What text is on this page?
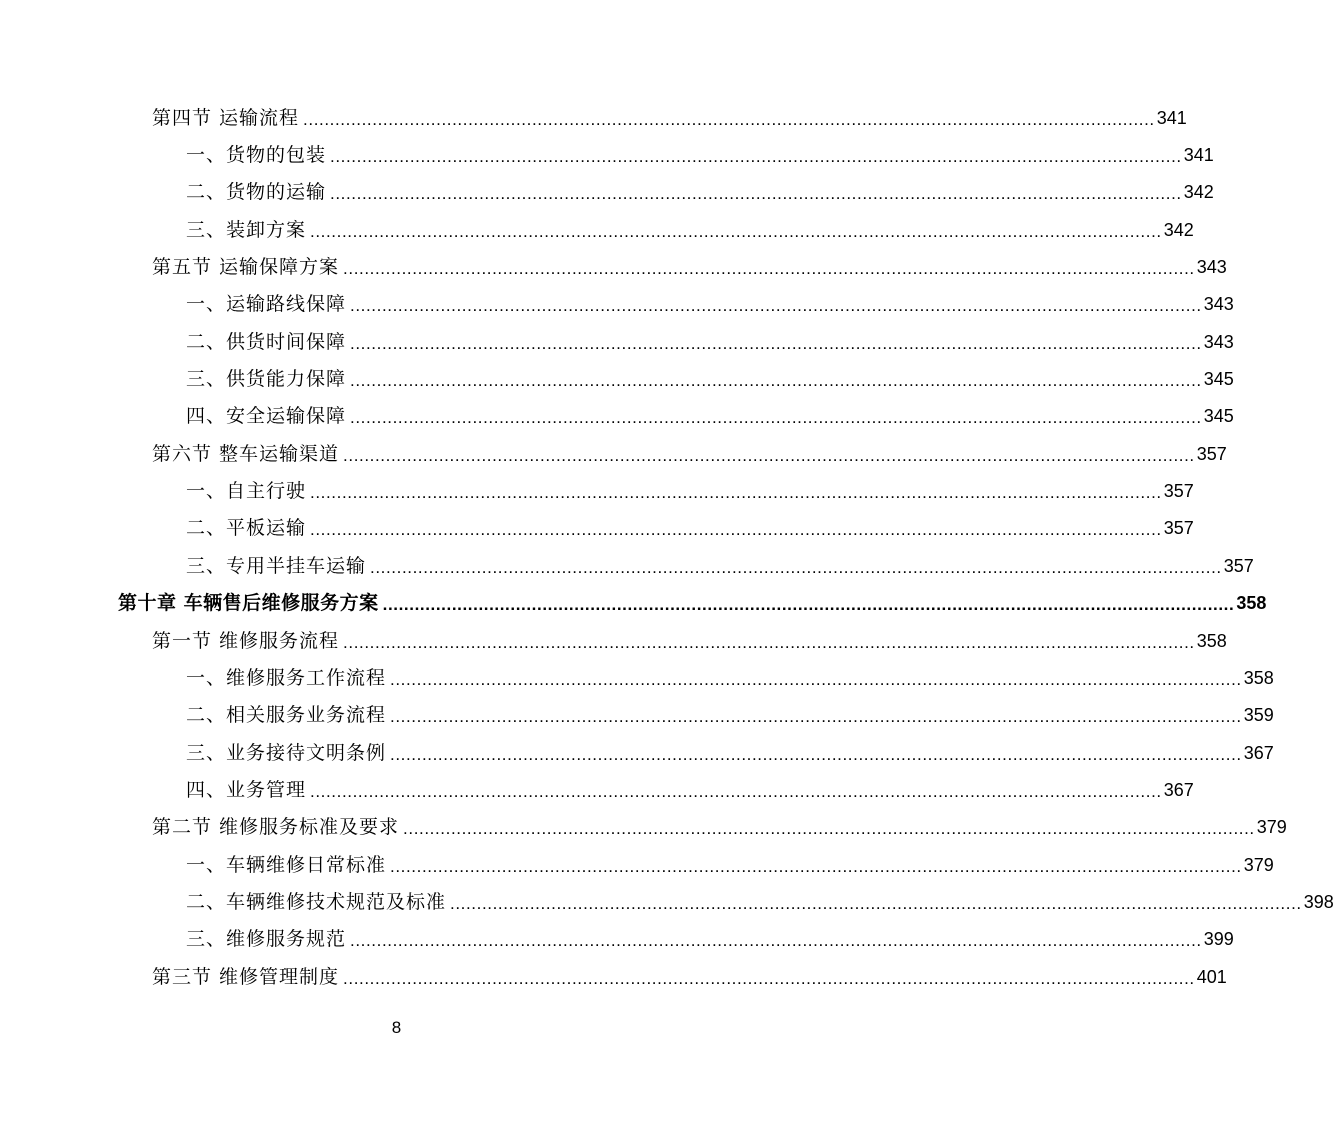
第四节 运输流程 ................................................................................................................................................................ 341
一、货物的包装 ................................................................................................................................................................ 341
二、货物的运输 ................................................................................................................................................................ 342
三、装卸方案 ................................................................................................................................................................ 342
第五节 运输保障方案 ................................................................................................................................................................ 343
一、运输路线保障 ................................................................................................................................................................ 343
二、供货时间保障 ................................................................................................................................................................ 343
三、供货能力保障 ................................................................................................................................................................ 345
四、安全运输保障 ................................................................................................................................................................ 345
第六节 整车运输渠道 ................................................................................................................................................................ 357
一、自主行驶 ................................................................................................................................................................ 357
二、平板运输 ................................................................................................................................................................ 357
三、专用半挂车运输 ................................................................................................................................................................ 357
第十章 车辆售后维修服务方案 ................................................................................................................................................................ 358
第一节 维修服务流程 ................................................................................................................................................................ 358
一、维修服务工作流程 ................................................................................................................................................................ 358
二、相关服务业务流程 ................................................................................................................................................................ 359
三、业务接待文明条例 ................................................................................................................................................................ 367
四、业务管理 ................................................................................................................................................................ 367
第二节 维修服务标准及要求 ................................................................................................................................................................ 379
一、车辆维修日常标准 ................................................................................................................................................................ 379
二、车辆维修技术规范及标准 ................................................................................................................................................................ 398
三、维修服务规范 ................................................................................................................................................................ 399
第三节 维修管理制度 ................................................................................................................................................................ 401
8
